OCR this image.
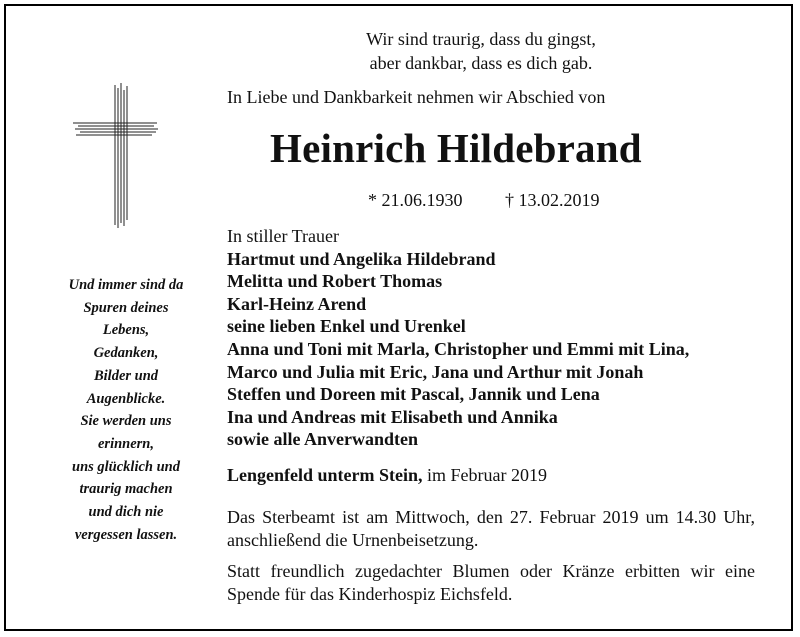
Und immer sind da
Spuren deines
Lebens,
Gedanken,
Bilder und
Augenblicke.
Sie werden uns
erinnern,
uns glücklich und
traurig machen
und dich nie
vergessen lassen.

Wir sind traurig, dass du gingst,
aber dankbar, dass es dich gab.
In Liebe und Dankbarkeit nehmen wir Abschied von
Heinrich Hildebrand
* 21.06.1930 † 13.02.2019
In stiller Trauer
Hartmut und Angelika Hildebrand
Melitta und Robert Thomas
Karl-Heinz Arend
seine lieben Enkel und Urenkel
Anna und Toni mit Marla, Christopher und Emmi mit Lina,
Marco und Julia mit Eric, Jana und Arthur mit Jonah
Steffen und Doreen mit Pascal, Jannik und Lena
Ina und Andreas mit Elisabeth und Annika
sowie alle Anverwandten
Lengenfeld unterm Stein, im Februar 2019

Das Sterbeamt ist am Mittwoch, den 27. Februar 2019 um 14.30 Uhr, anschließend die Urnenbeisetzung.

Statt freundlich zugedachter Blumen oder Kränze erbitten wir eine Spende für das Kinderhospiz Eichsfeld.
